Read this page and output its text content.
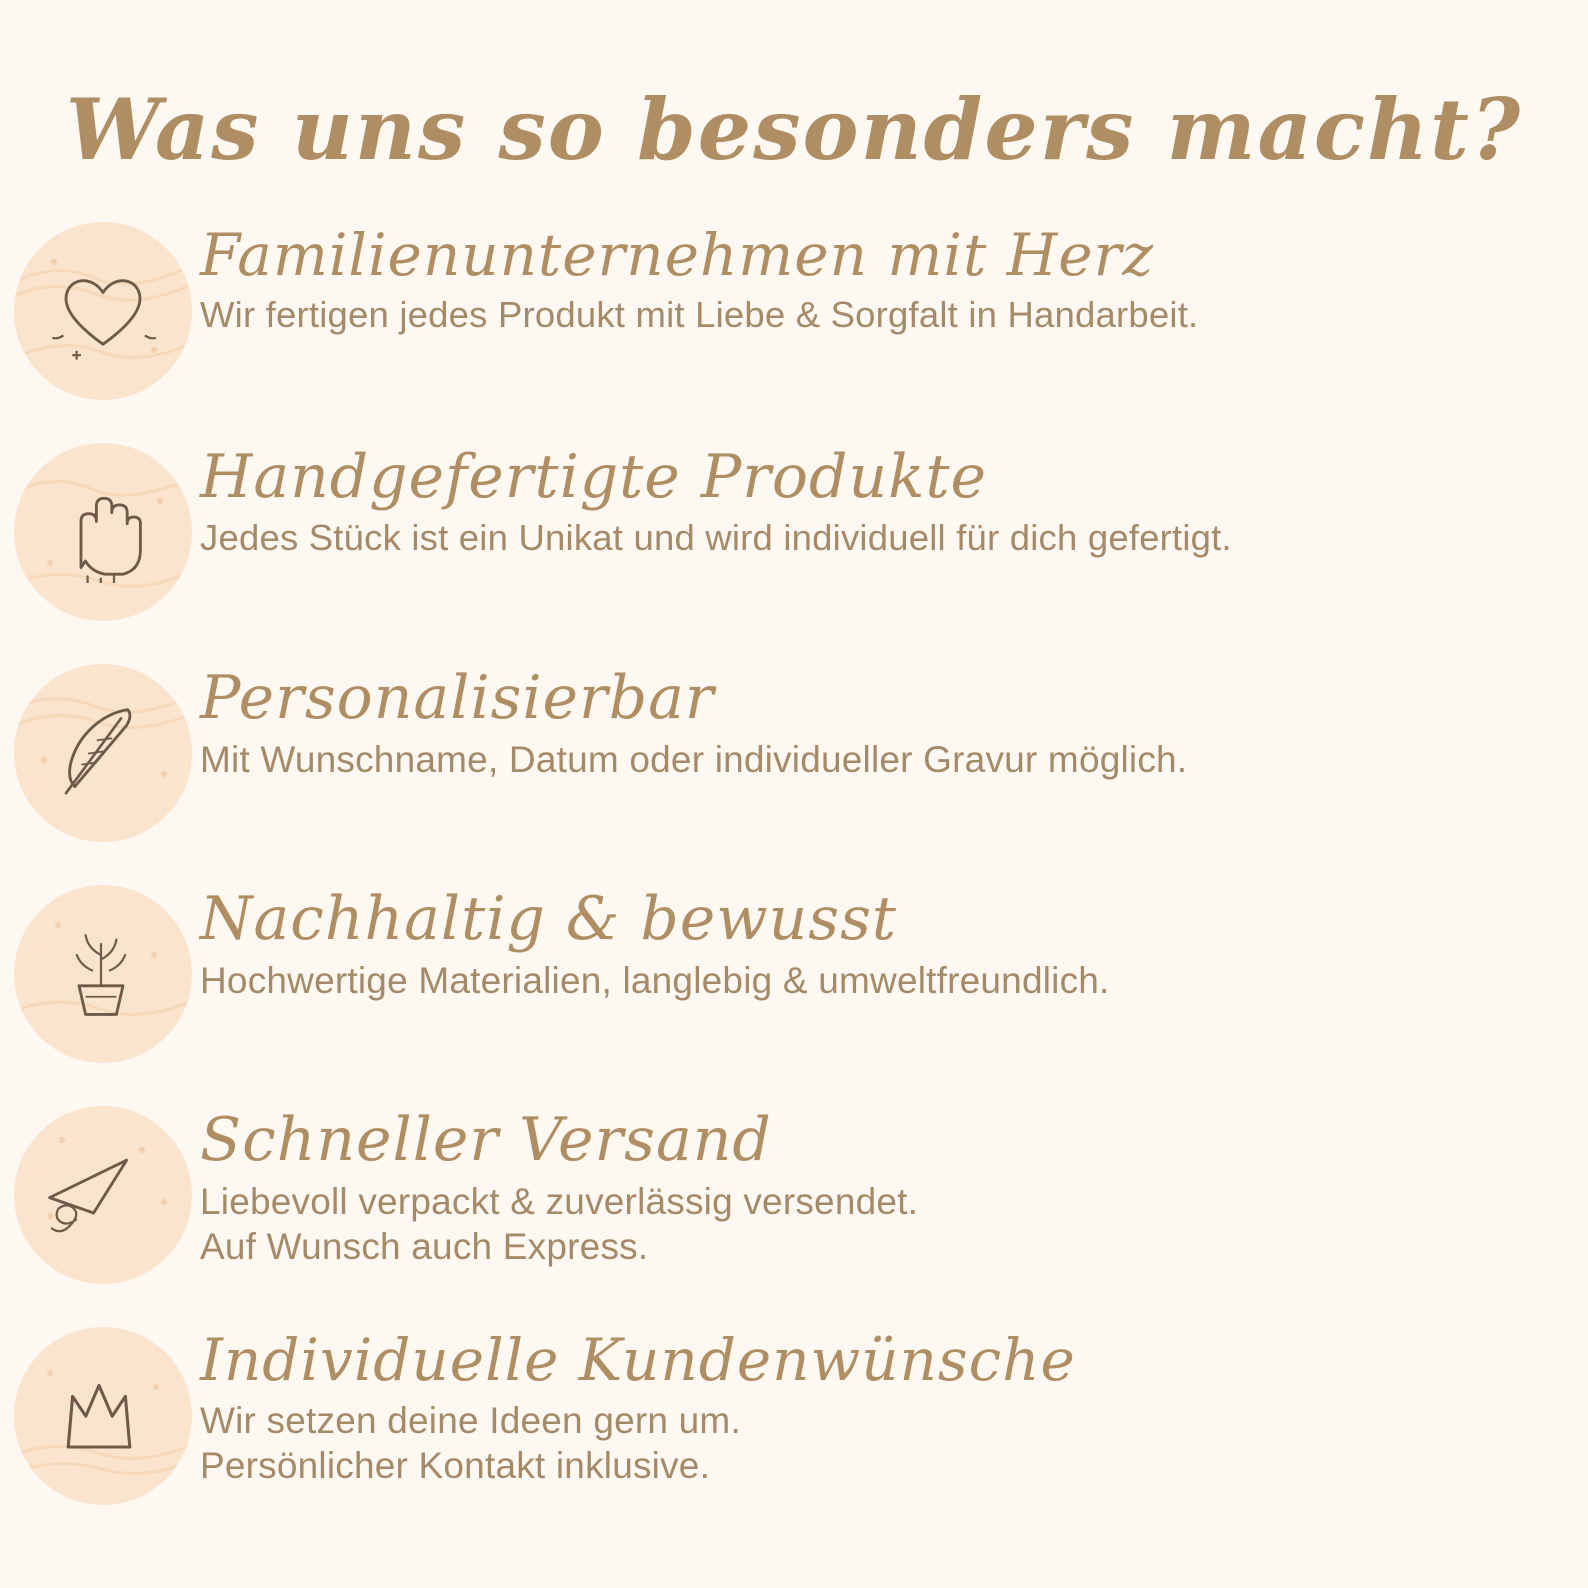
Was uns so besonders macht?

Familienunternehmen mit Herz

Wir fertigen jedes Produkt mit Liebe & Sorgfalt in Handarbeit.

Handgefertigte Produkte

Jedes Stück ist ein Unikat und wird individuell für dich gefertigt.

Personalisierbar

Mit Wunschname, Datum oder individueller Gravur möglich.

Nachhaltig & bewusst

Hochwertige Materialien, langlebig & umweltfreundlich.

Schneller Versand

Liebevoll verpackt & zuverlässig versendet.
Auf Wunsch auch Express.

Individuelle Kundenwünsche

Wir setzen deine Ideen gern um.
Persönlicher Kontakt inklusive.
